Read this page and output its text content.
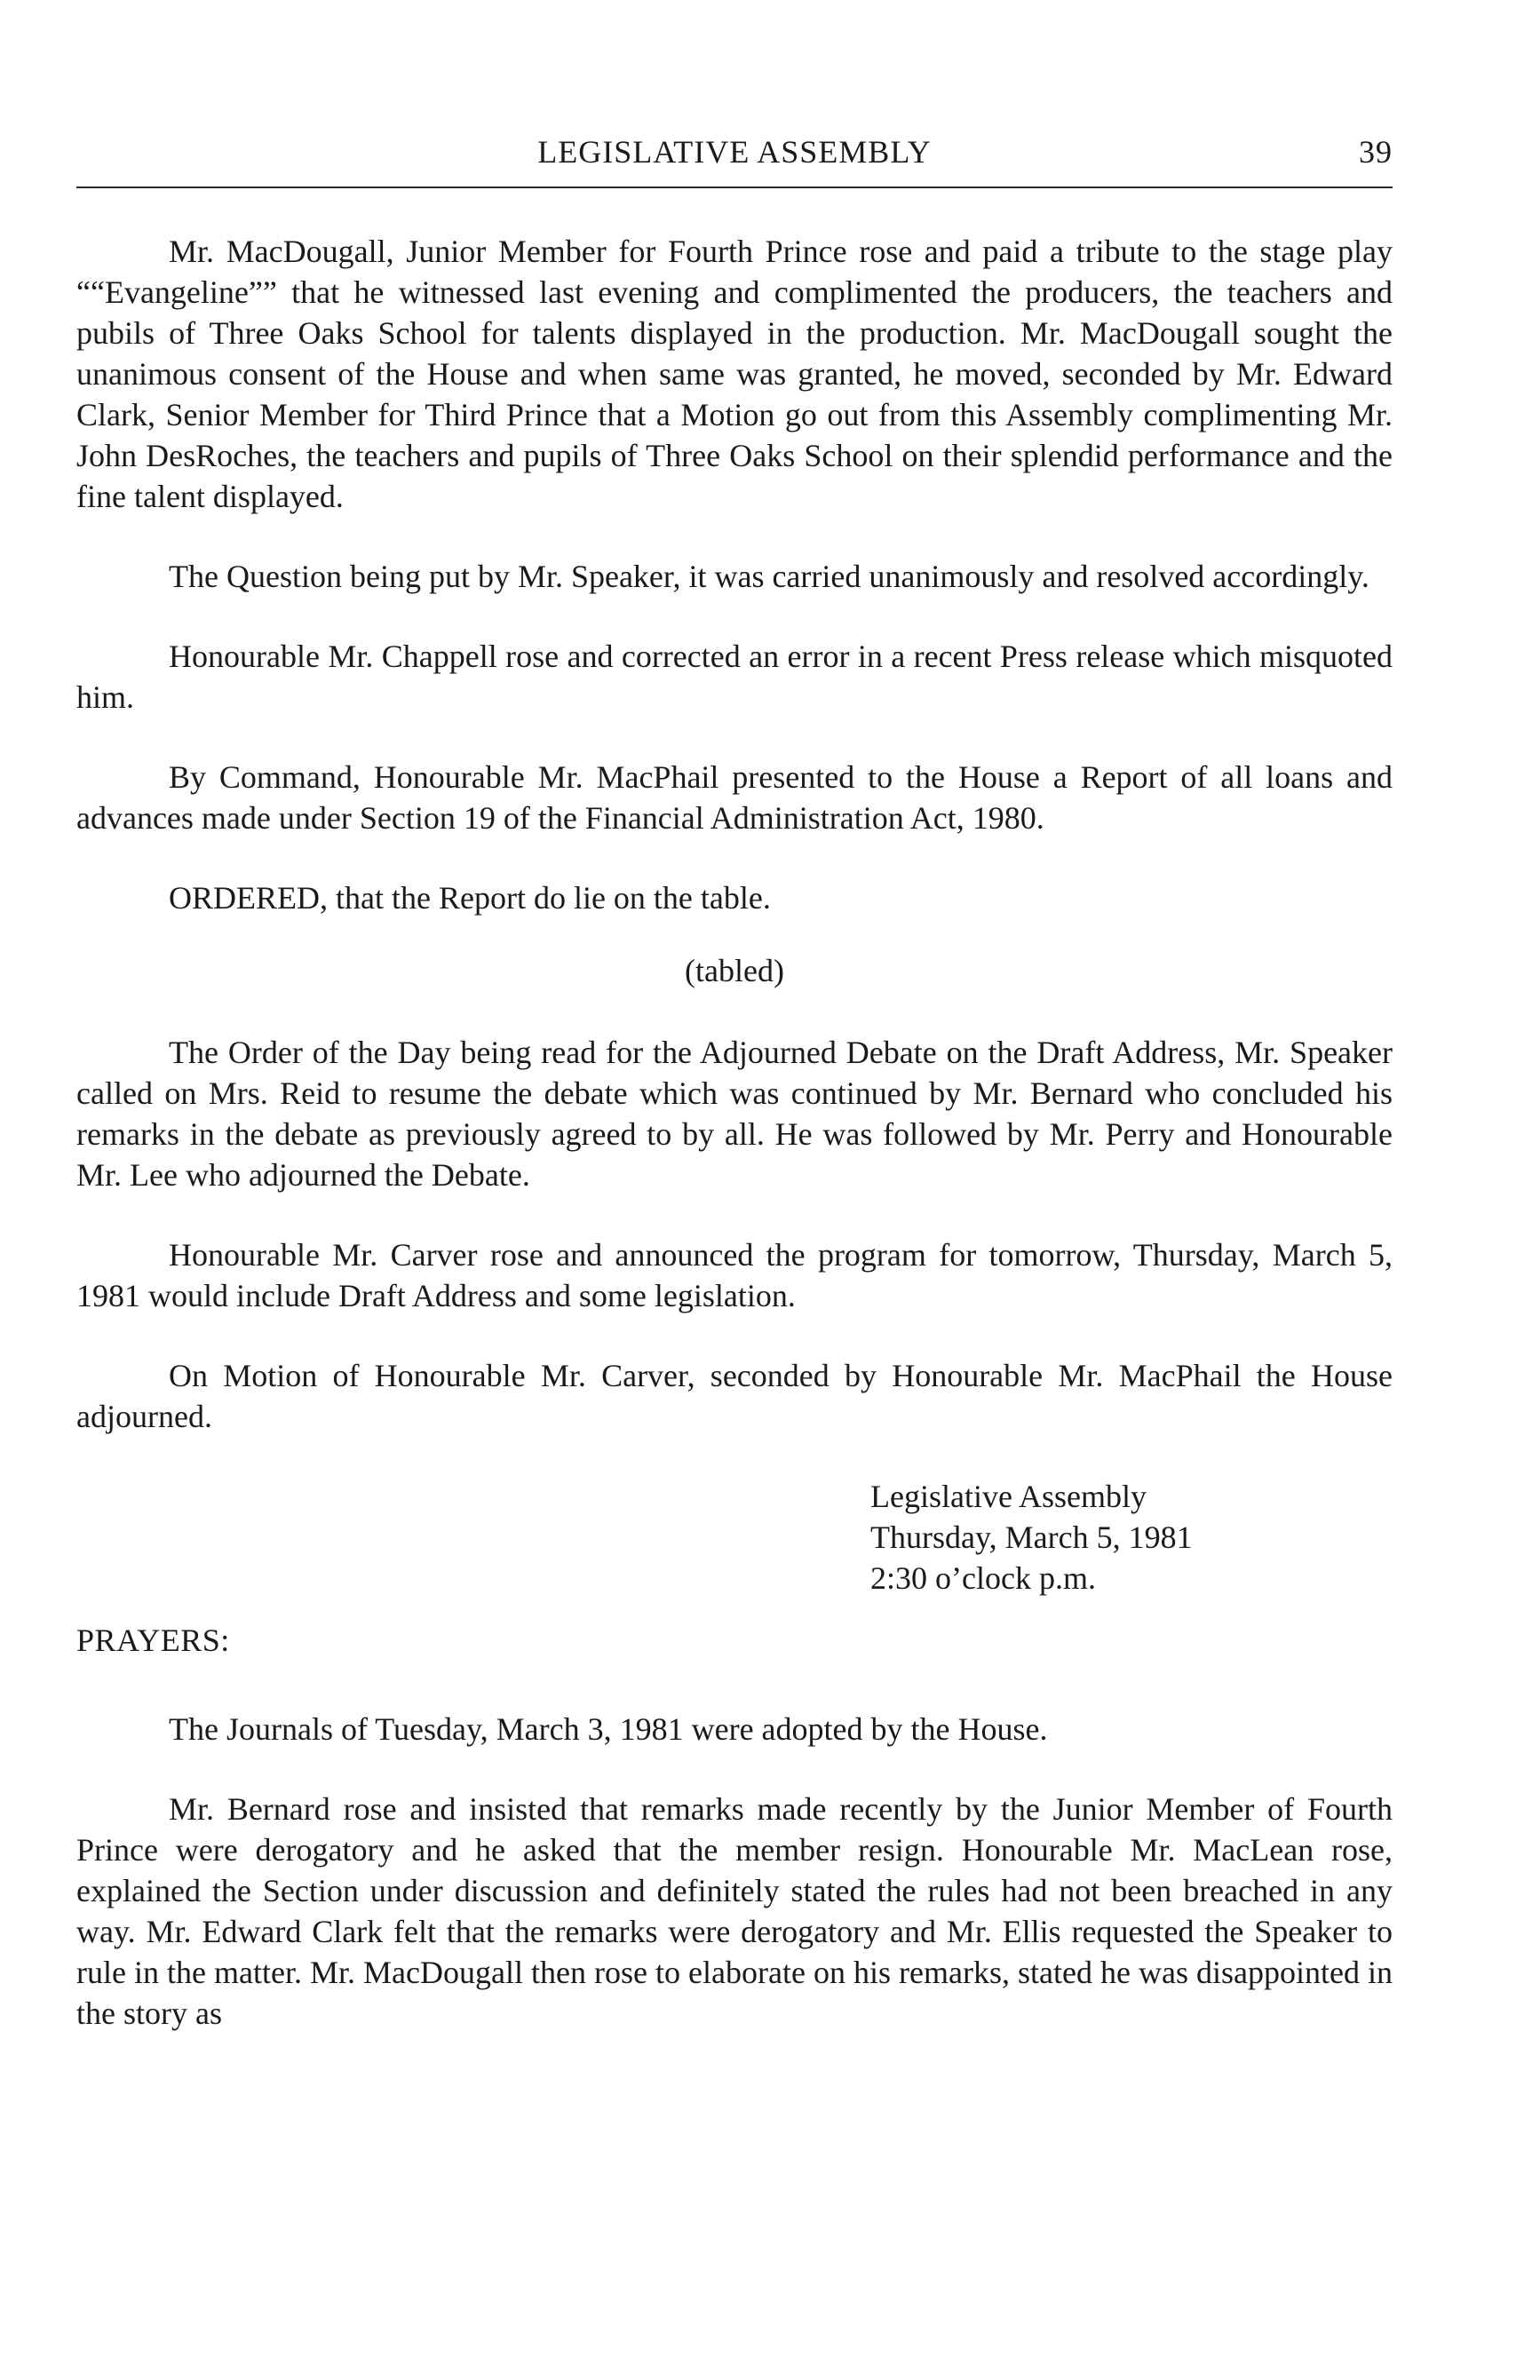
LEGISLATIVE ASSEMBLY	39

Mr. MacDougall, Junior Member for Fourth Prince rose and paid a tribute to the stage play ““Evangeline”” that he witnessed last evening and complimented the producers, the teachers and pubils of Three Oaks School for talents displayed in the production. Mr. MacDougall sought the unanimous consent of the House and when same was granted, he moved, seconded by Mr. Edward Clark, Senior Member for Third Prince that a Motion go out from this Assembly complimenting Mr. John DesRoches, the teachers and pupils of Three Oaks School on their splendid performance and the fine talent displayed.

The Question being put by Mr. Speaker, it was carried unanimously and resolved accordingly.

Honourable Mr. Chappell rose and corrected an error in a recent Press release which misquoted him.

By Command, Honourable Mr. MacPhail presented to the House a Report of all loans and advances made under Section 19 of the Financial Administration Act, 1980.

ORDERED, that the Report do lie on the table.

(tabled)

The Order of the Day being read for the Adjourned Debate on the Draft Address, Mr. Speaker called on Mrs. Reid to resume the debate which was continued by Mr. Bernard who concluded his remarks in the debate as previously agreed to by all. He was followed by Mr. Perry and Honourable Mr. Lee who adjourned the Debate.

Honourable Mr. Carver rose and announced the program for tomorrow, Thursday, March 5, 1981 would include Draft Address and some legislation.

On Motion of Honourable Mr. Carver, seconded by Honourable Mr. MacPhail the House adjourned.

Legislative Assembly
Thursday, March 5, 1981
2:30 o’clock p.m.
PRAYERS:

The Journals of Tuesday, March 3, 1981 were adopted by the House.

Mr. Bernard rose and insisted that remarks made recently by the Junior Member of Fourth Prince were derogatory and he asked that the member resign. Honourable Mr. MacLean rose, explained the Section under discussion and definitely stated the rules had not been breached in any way. Mr. Edward Clark felt that the remarks were derogatory and Mr. Ellis requested the Speaker to rule in the matter. Mr. MacDougall then rose to elaborate on his remarks, stated he was disappointed in the story as
